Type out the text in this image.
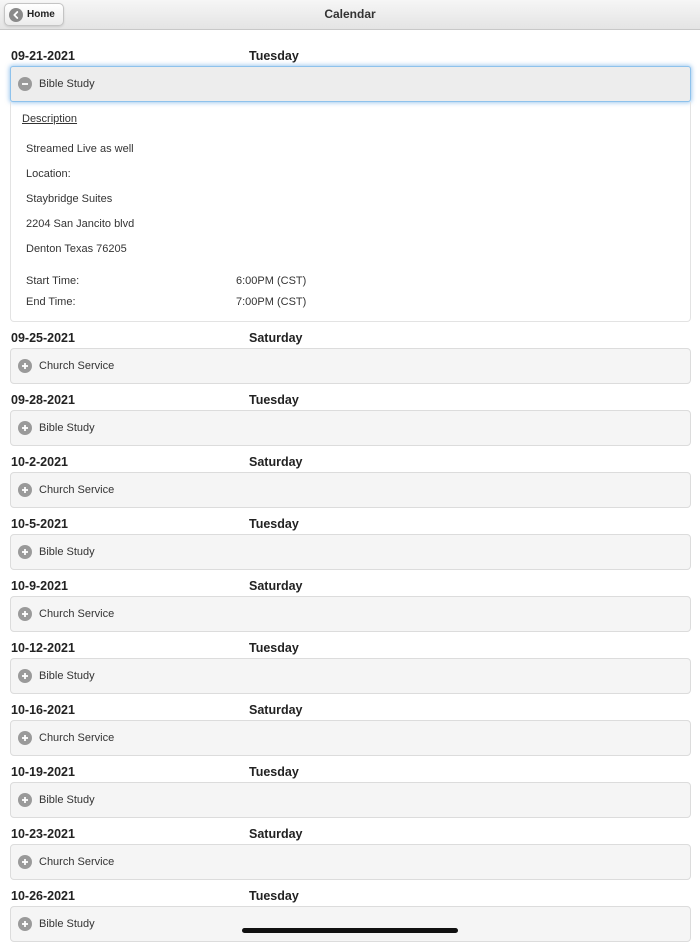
Home	Calendar
09-21-2021	Tuesday
Bible Study
Description
Streamed Live as well
Location:
Staybridge Suites
2204 San Jancito blvd
Denton Texas 76205
Start Time:	6:00PM (CST)
End Time:	7:00PM (CST)
09-25-2021	Saturday
Church Service
09-28-2021	Tuesday
Bible Study
10-2-2021	Saturday
Church Service
10-5-2021	Tuesday
Bible Study
10-9-2021	Saturday
Church Service
10-12-2021	Tuesday
Bible Study
10-16-2021	Saturday
Church Service
10-19-2021	Tuesday
Bible Study
10-23-2021	Saturday
Church Service
10-26-2021	Tuesday
Bible Study
